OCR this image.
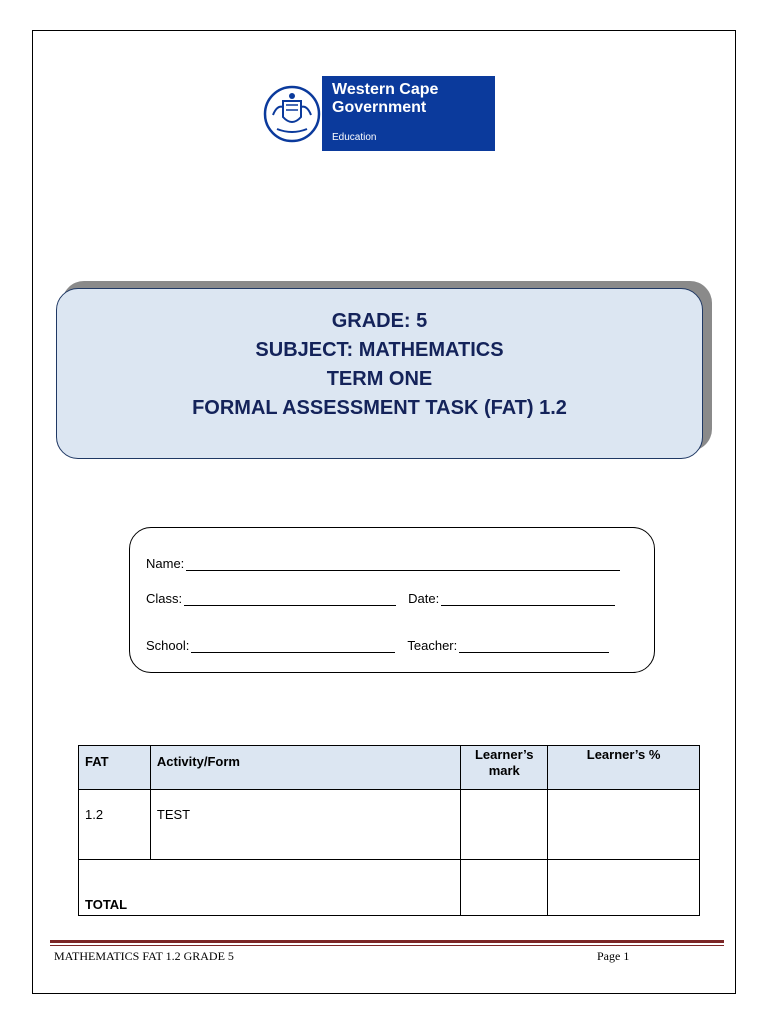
Western Cape
Government
Education
GRADE: 5
SUBJECT: MATHEMATICS
TERM ONE
FORMAL ASSESSMENT TASK (FAT) 1.2
Name:
Class:	Date:
School:	Teacher:
FAT	Activity/Form	Learner’s mark	Learner’s %
1.2	TEST		
TOTAL			
MATHEMATICS FAT 1.2 GRADE 5	Page 1
